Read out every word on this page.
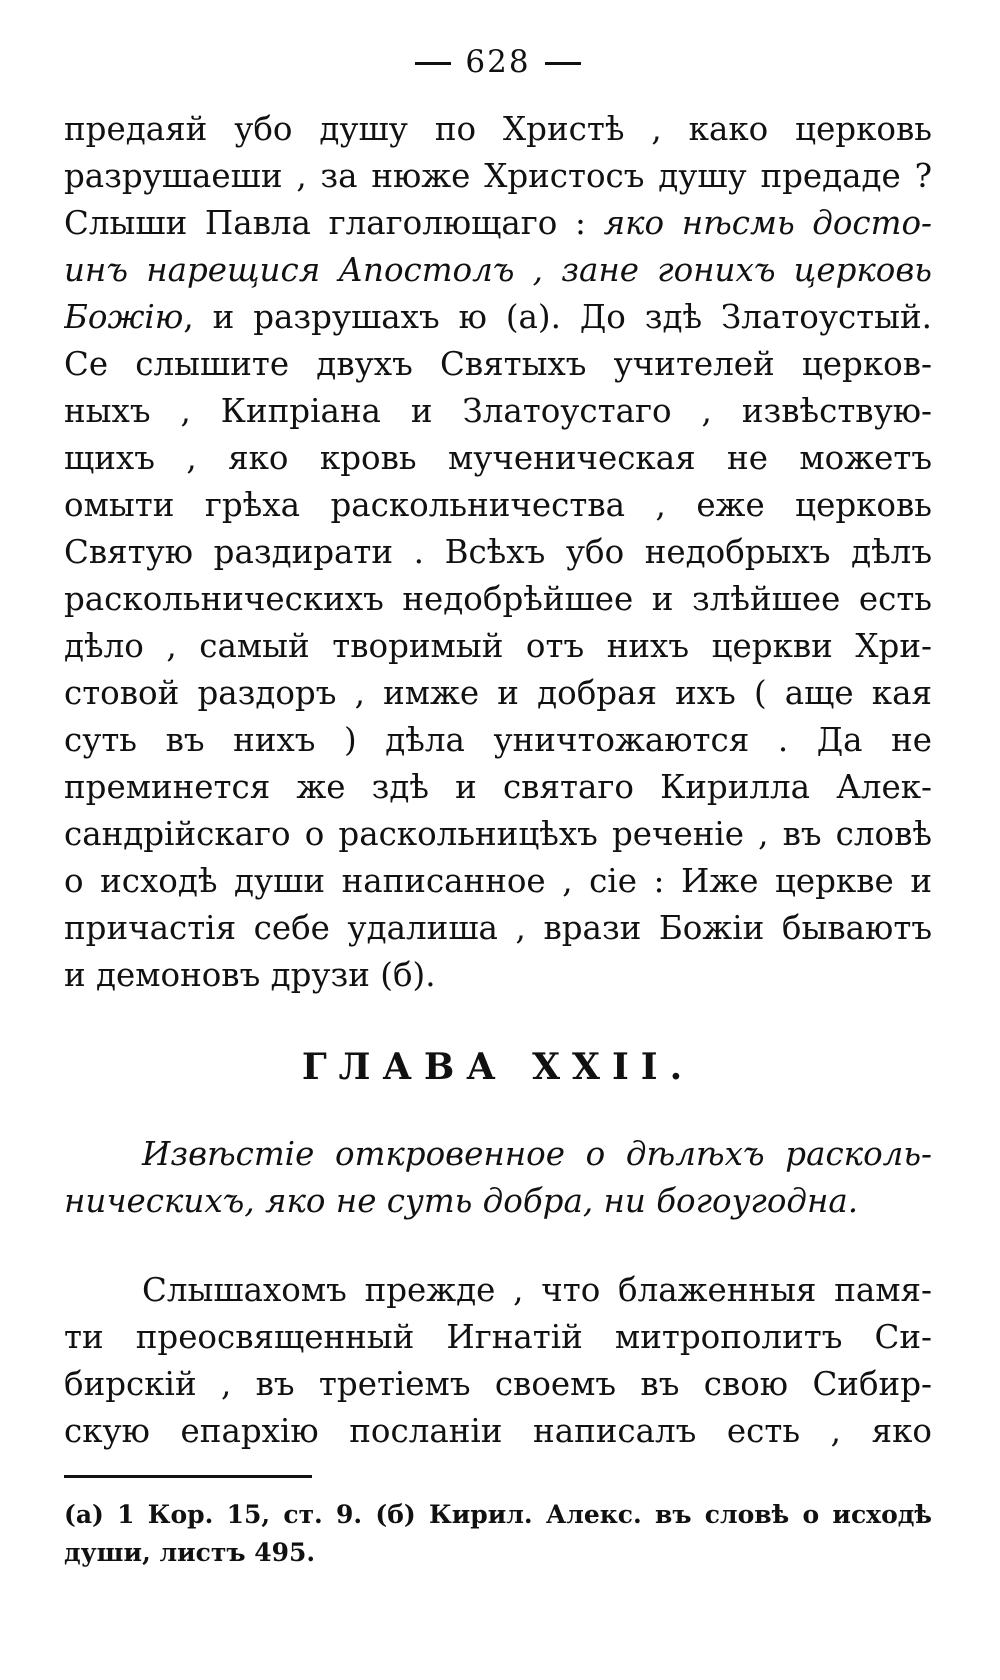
628
предаяй убо душу по Христѣ , како церковь
разрушаеши , за нюже Христосъ душу предаде ?
Слыши Павла глаголющаго : яко нѣсмь досто-
инъ нарещися Апостолъ , зане гонихъ церковь
Божію, и разрушахъ ю (а). До здѣ Златоустый.
Се слышите двухъ Святыхъ учителей церков-
ныхъ , Кипріана и Златоустаго , извѣствую-
щихъ , яко кровь мученическая не можетъ
омыти грѣха раскольничества , еже церковь
Святую раздирати . Всѣхъ убо недобрыхъ дѣлъ
раскольническихъ недобрѣйшее и злѣйшее есть
дѣло , самый творимый отъ нихъ церкви Хри-
стовой раздоръ , имже и добрая ихъ ( аще кая
суть въ нихъ ) дѣла уничтожаются . Да не
преминется же здѣ и святаго Кирилла Алек-
сандрійскаго о раскольницѣхъ реченіе , въ словѣ
о исходѣ души написанное , сіе : Иже церкве и
причастія себе удалиша , врази Божіи бываютъ
и демоновъ друзи (б).
ГЛАВА XXII.
Извѣстіе откровенное о дѣлѣхъ расколь-
ническихъ, яко не суть добра, ни богоугодна.
Слышахомъ прежде , что блаженныя памя-
ти преосвященный Игнатій митрополитъ Си-
бирскій , въ третіемъ своемъ въ свою Сибир-
скую епархію посланіи написалъ есть , яко
(а) 1 Кор. 15, ст. 9. (б) Кирил. Алекс. въ словѣ о исходѣ
души, листъ 495.
